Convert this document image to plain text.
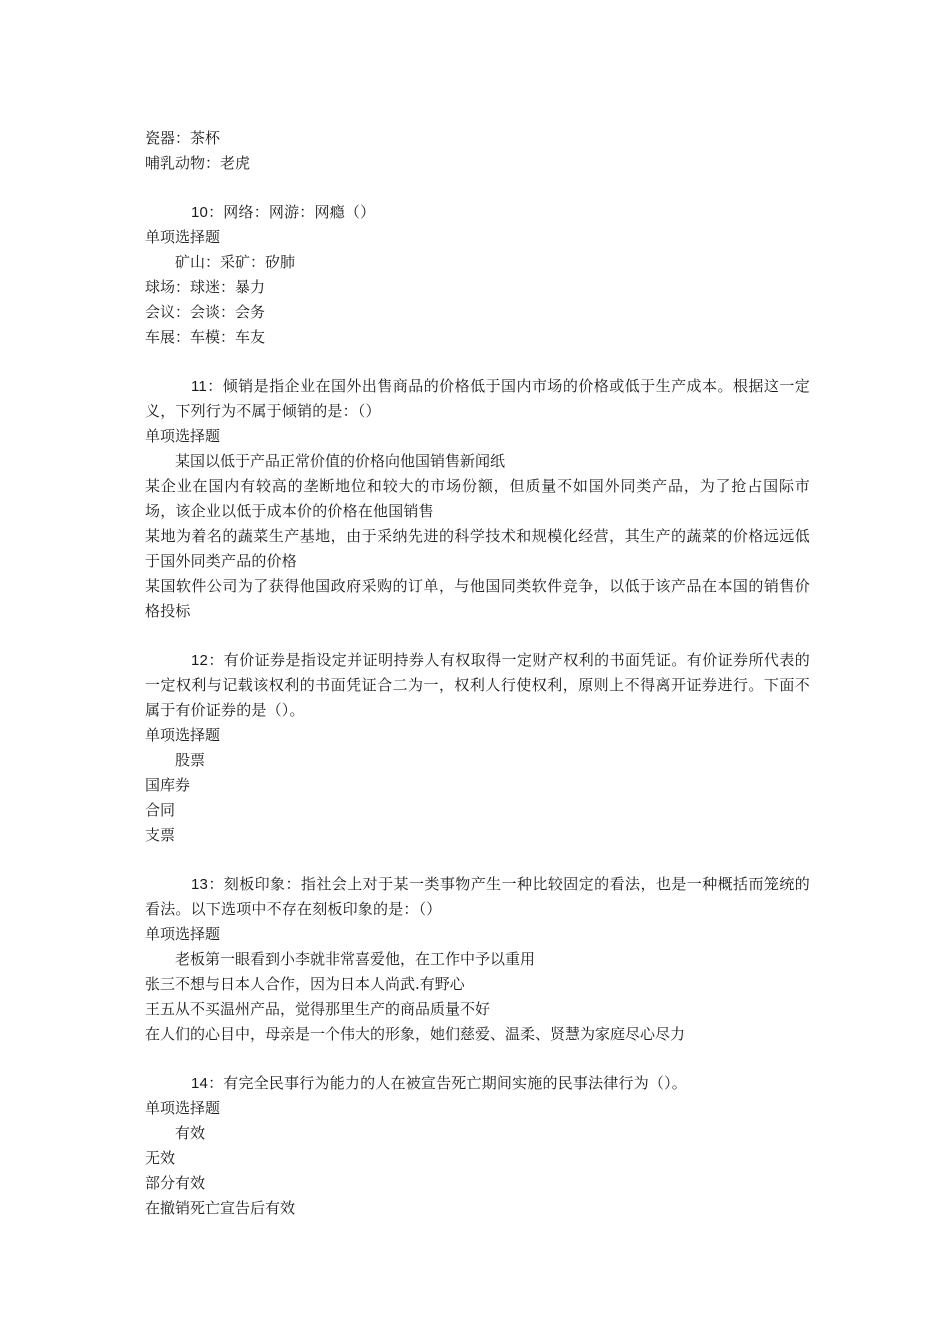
瓷器：茶杯
哺乳动物：老虎
10：网络：网游：网瘾（）
单项选择题
矿山：采矿：矽肺
球场：球迷：暴力
会议：会谈：会务
车展：车模：车友
11：倾销是指企业在国外出售商品的价格低于国内市场的价格或低于生产成本。根据这一定义，下列行为不属于倾销的是：（）
单项选择题
某国以低于产品正常价值的价格向他国销售新闻纸
某企业在国内有较高的垄断地位和较大的市场份额，但质量不如国外同类产品，为了抢占国际市场，该企业以低于成本价的价格在他国销售
某地为着名的蔬菜生产基地，由于采纳先进的科学技术和规模化经营，其生产的蔬菜的价格远远低于国外同类产品的价格
某国软件公司为了获得他国政府采购的订单，与他国同类软件竞争，以低于该产品在本国的销售价格投标
12：有价证券是指设定并证明持券人有权取得一定财产权利的书面凭证。有价证券所代表的一定权利与记载该权利的书面凭证合二为一，权利人行使权利，原则上不得离开证券进行。下面不属于有价证券的是（）。
单项选择题
股票
国库券
合同
支票
13：刻板印象：指社会上对于某一类事物产生一种比较固定的看法，也是一种概括而笼统的看法。以下选项中不存在刻板印象的是：（）
单项选择题
老板第一眼看到小李就非常喜爱他，在工作中予以重用
张三不想与日本人合作，因为日本人尚武.有野心
王五从不买温州产品，觉得那里生产的商品质量不好
在人们的心目中，母亲是一个伟大的形象，她们慈爱、温柔、贤慧为家庭尽心尽力
14：有完全民事行为能力的人在被宣告死亡期间实施的民事法律行为（）。
单项选择题
有效
无效
部分有效
在撤销死亡宣告后有效
